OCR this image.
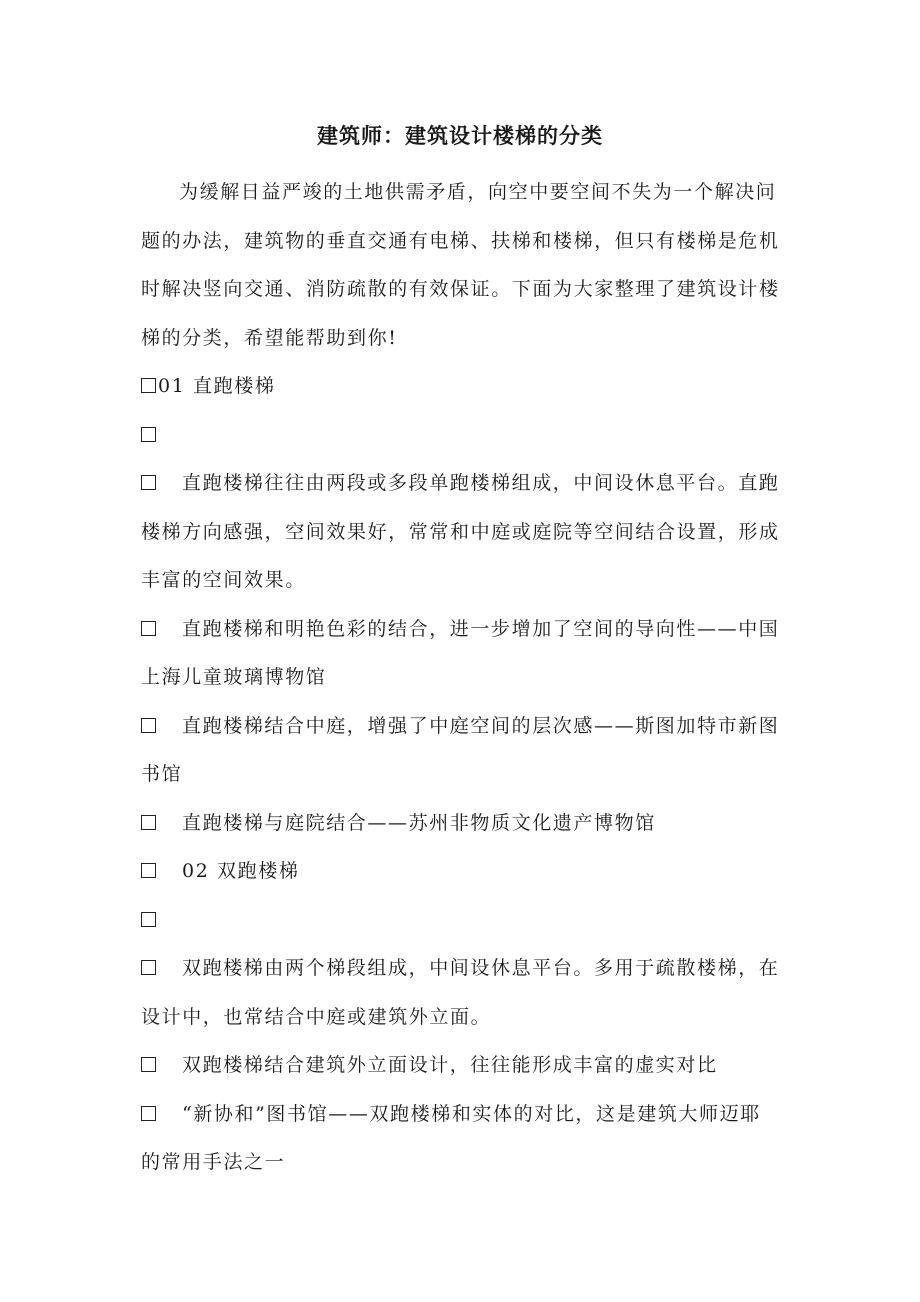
建筑师：建筑设计楼梯的分类

为缓解日益严竣的土地供需矛盾，向空中要空间不失为一个解决问题的办法，建筑物的垂直交通有电梯、扶梯和楼梯，但只有楼梯是危机时解决竖向交通、消防疏散的有效保证。下面为大家整理了建筑设计楼梯的分类，希望能帮助到你!

01 直跑楼梯

直跑楼梯往往由两段或多段单跑楼梯组成，中间设休息平台。直跑楼梯方向感强，空间效果好，常常和中庭或庭院等空间结合设置，形成丰富的空间效果。

直跑楼梯和明艳色彩的结合，进一步增加了空间的导向性——中国上海儿童玻璃博物馆

直跑楼梯结合中庭，增强了中庭空间的层次感——斯图加特市新图书馆

直跑楼梯与庭院结合——苏州非物质文化遗产博物馆

02 双跑楼梯

双跑楼梯由两个梯段组成，中间设休息平台。多用于疏散楼梯，在设计中，也常结合中庭或建筑外立面。

双跑楼梯结合建筑外立面设计，往往能形成丰富的虚实对比

“新协和”图书馆——双跑楼梯和实体的对比，这是建筑大师迈耶的常用手法之一
